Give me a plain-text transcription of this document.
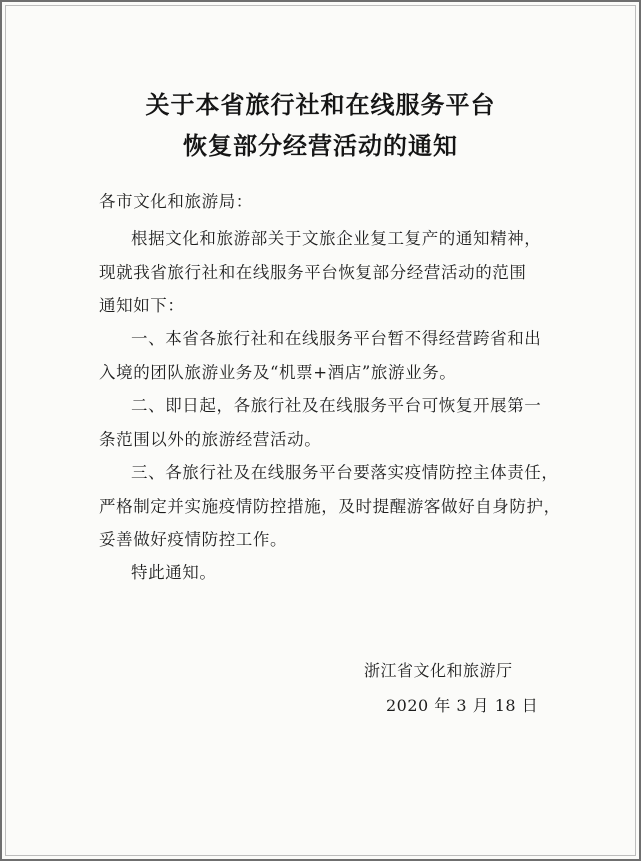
关于本省旅行社和在线服务平台
恢复部分经营活动的通知
各市文化和旅游局：
根据文化和旅游部关于文旅企业复工复产的通知精神，
现就我省旅行社和在线服务平台恢复部分经营活动的范围
通知如下：
一、本省各旅行社和在线服务平台暂不得经营跨省和出
入境的团队旅游业务及“机票+酒店”旅游业务。
二、即日起，各旅行社及在线服务平台可恢复开展第一
条范围以外的旅游经营活动。
三、各旅行社及在线服务平台要落实疫情防控主体责任，
严格制定并实施疫情防控措施，及时提醒游客做好自身防护，
妥善做好疫情防控工作。
特此通知。
浙江省文化和旅游厅
2020 年 3 月 18 日
